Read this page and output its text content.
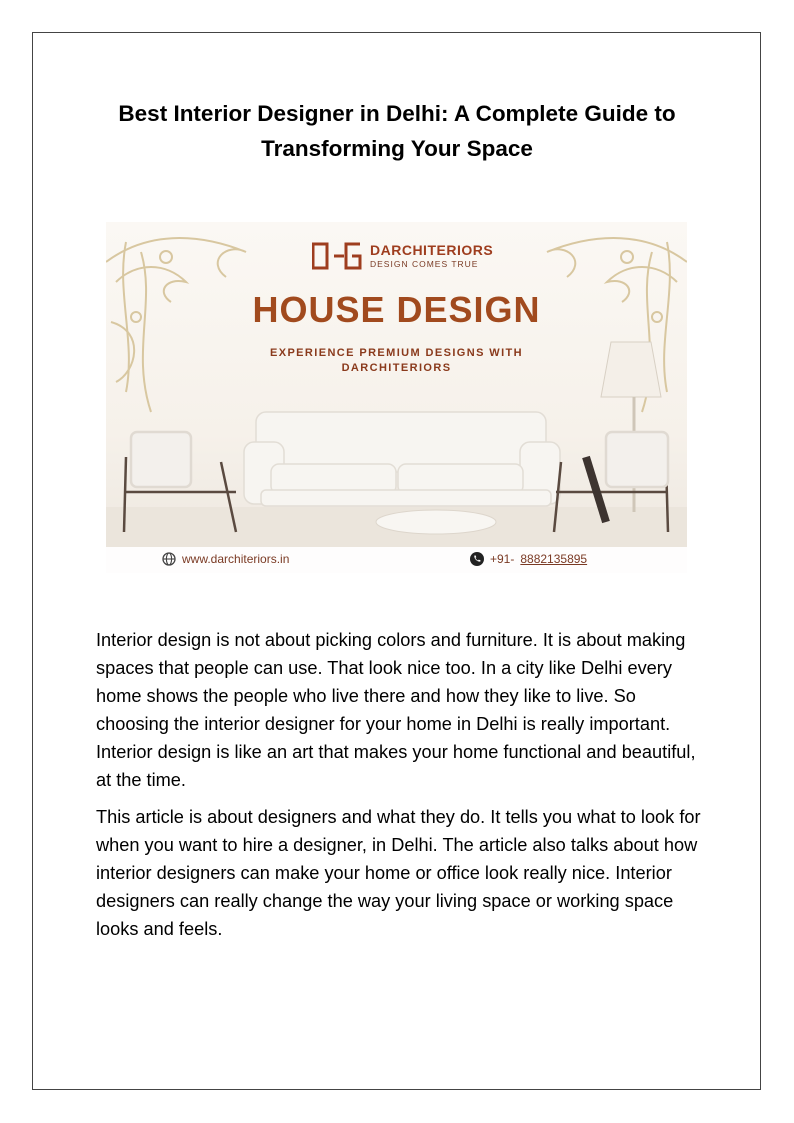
Best Interior Designer in Delhi: A Complete Guide to Transforming Your Space
DARCHITERIORS
DESIGN COMES TRUE
HOUSE DESIGN
EXPERIENCE PREMIUM DESIGNS WITH DARCHITERIORS
www.darchiteriors.in	+91- 8882135895

Interior design is not about picking colors and furniture. It is about making spaces that people can use. That look nice too. In a city like Delhi every home shows the people who live there and how they like to live. So choosing the interior designer for your home in Delhi is really important. Interior design is like an art that makes your home functional and beautiful, at the time.

This article is about designers and what they do. It tells you what to look for when you want to hire a designer, in Delhi. The article also talks about how interior designers can make your home or office look really nice. Interior designers can really change the way your living space or working space looks and feels.
